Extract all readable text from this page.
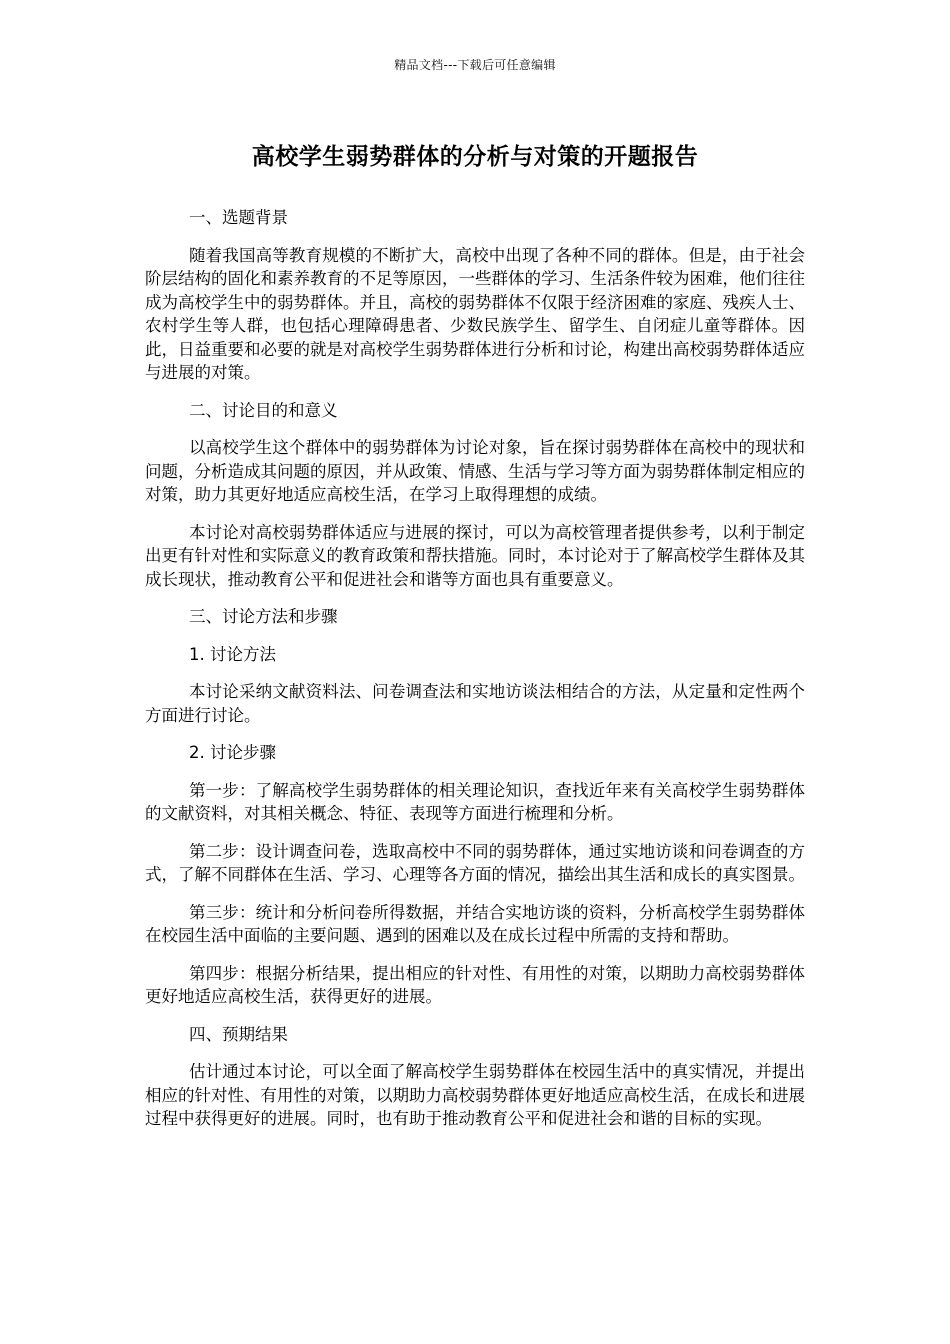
精品文档---下载后可任意编辑
高校学生弱势群体的分析与对策的开题报告

一、选题背景

随着我国高等教育规模的不断扩大，高校中出现了各种不同的群体。但是，由于社会阶层结构的固化和素养教育的不足等原因，一些群体的学习、生活条件较为困难，他们往往成为高校学生中的弱势群体。并且，高校的弱势群体不仅限于经济困难的家庭、残疾人士、农村学生等人群，也包括心理障碍患者、少数民族学生、留学生、自闭症儿童等群体。因此，日益重要和必要的就是对高校学生弱势群体进行分析和讨论，构建出高校弱势群体适应与进展的对策。

二、讨论目的和意义

以高校学生这个群体中的弱势群体为讨论对象，旨在探讨弱势群体在高校中的现状和问题，分析造成其问题的原因，并从政策、情感、生活与学习等方面为弱势群体制定相应的对策，助力其更好地适应高校生活，在学习上取得理想的成绩。

本讨论对高校弱势群体适应与进展的探讨，可以为高校管理者提供参考，以利于制定出更有针对性和实际意义的教育政策和帮扶措施。同时，本讨论对于了解高校学生群体及其成长现状，推动教育公平和促进社会和谐等方面也具有重要意义。

三、讨论方法和步骤

1. 讨论方法

本讨论采纳文献资料法、问卷调查法和实地访谈法相结合的方法，从定量和定性两个方面进行讨论。

2. 讨论步骤

第一步：了解高校学生弱势群体的相关理论知识，查找近年来有关高校学生弱势群体的文献资料，对其相关概念、特征、表现等方面进行梳理和分析。

第二步：设计调查问卷，选取高校中不同的弱势群体，通过实地访谈和问卷调查的方式，了解不同群体在生活、学习、心理等各方面的情况，描绘出其生活和成长的真实图景。

第三步：统计和分析问卷所得数据，并结合实地访谈的资料，分析高校学生弱势群体在校园生活中面临的主要问题、遇到的困难以及在成长过程中所需的支持和帮助。

第四步：根据分析结果，提出相应的针对性、有用性的对策，以期助力高校弱势群体更好地适应高校生活，获得更好的进展。

四、预期结果

估计通过本讨论，可以全面了解高校学生弱势群体在校园生活中的真实情况，并提出相应的针对性、有用性的对策，以期助力高校弱势群体更好地适应高校生活，在成长和进展过程中获得更好的进展。同时，也有助于推动教育公平和促进社会和谐的目标的实现。
